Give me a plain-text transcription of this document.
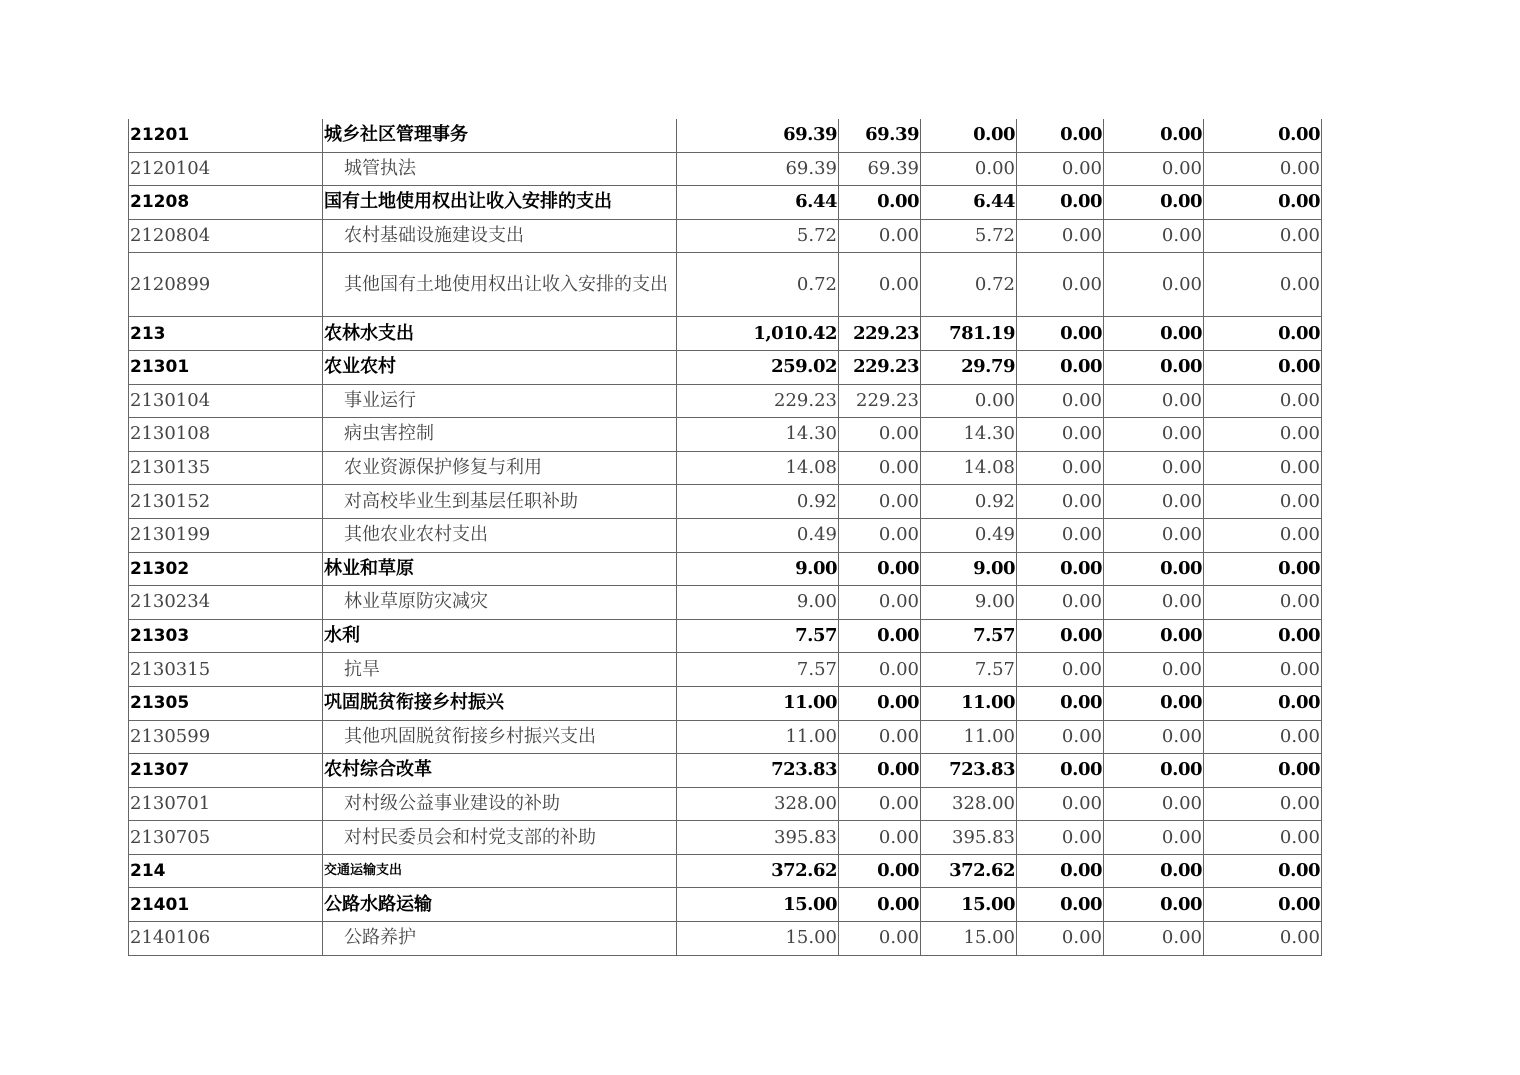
21201	城乡社区管理事务	69.39	69.39	0.00	0.00	0.00	0.00
2120104	城管执法	69.39	69.39	0.00	0.00	0.00	0.00
21208	国有土地使用权出让收入安排的支出	6.44	0.00	6.44	0.00	0.00	0.00
2120804	农村基础设施建设支出	5.72	0.00	5.72	0.00	0.00	0.00
2120899	其他国有土地使用权出让收入安排的支出	0.72	0.00	0.72	0.00	0.00	0.00
213	农林水支出	1,010.42	229.23	781.19	0.00	0.00	0.00
21301	农业农村	259.02	229.23	29.79	0.00	0.00	0.00
2130104	事业运行	229.23	229.23	0.00	0.00	0.00	0.00
2130108	病虫害控制	14.30	0.00	14.30	0.00	0.00	0.00
2130135	农业资源保护修复与利用	14.08	0.00	14.08	0.00	0.00	0.00
2130152	对高校毕业生到基层任职补助	0.92	0.00	0.92	0.00	0.00	0.00
2130199	其他农业农村支出	0.49	0.00	0.49	0.00	0.00	0.00
21302	林业和草原	9.00	0.00	9.00	0.00	0.00	0.00
2130234	林业草原防灾减灾	9.00	0.00	9.00	0.00	0.00	0.00
21303	水利	7.57	0.00	7.57	0.00	0.00	0.00
2130315	抗旱	7.57	0.00	7.57	0.00	0.00	0.00
21305	巩固脱贫衔接乡村振兴	11.00	0.00	11.00	0.00	0.00	0.00
2130599	其他巩固脱贫衔接乡村振兴支出	11.00	0.00	11.00	0.00	0.00	0.00
21307	农村综合改革	723.83	0.00	723.83	0.00	0.00	0.00
2130701	对村级公益事业建设的补助	328.00	0.00	328.00	0.00	0.00	0.00
2130705	对村民委员会和村党支部的补助	395.83	0.00	395.83	0.00	0.00	0.00
214	交通运输支出	372.62	0.00	372.62	0.00	0.00	0.00
21401	公路水路运输	15.00	0.00	15.00	0.00	0.00	0.00
2140106	公路养护	15.00	0.00	15.00	0.00	0.00	0.00
